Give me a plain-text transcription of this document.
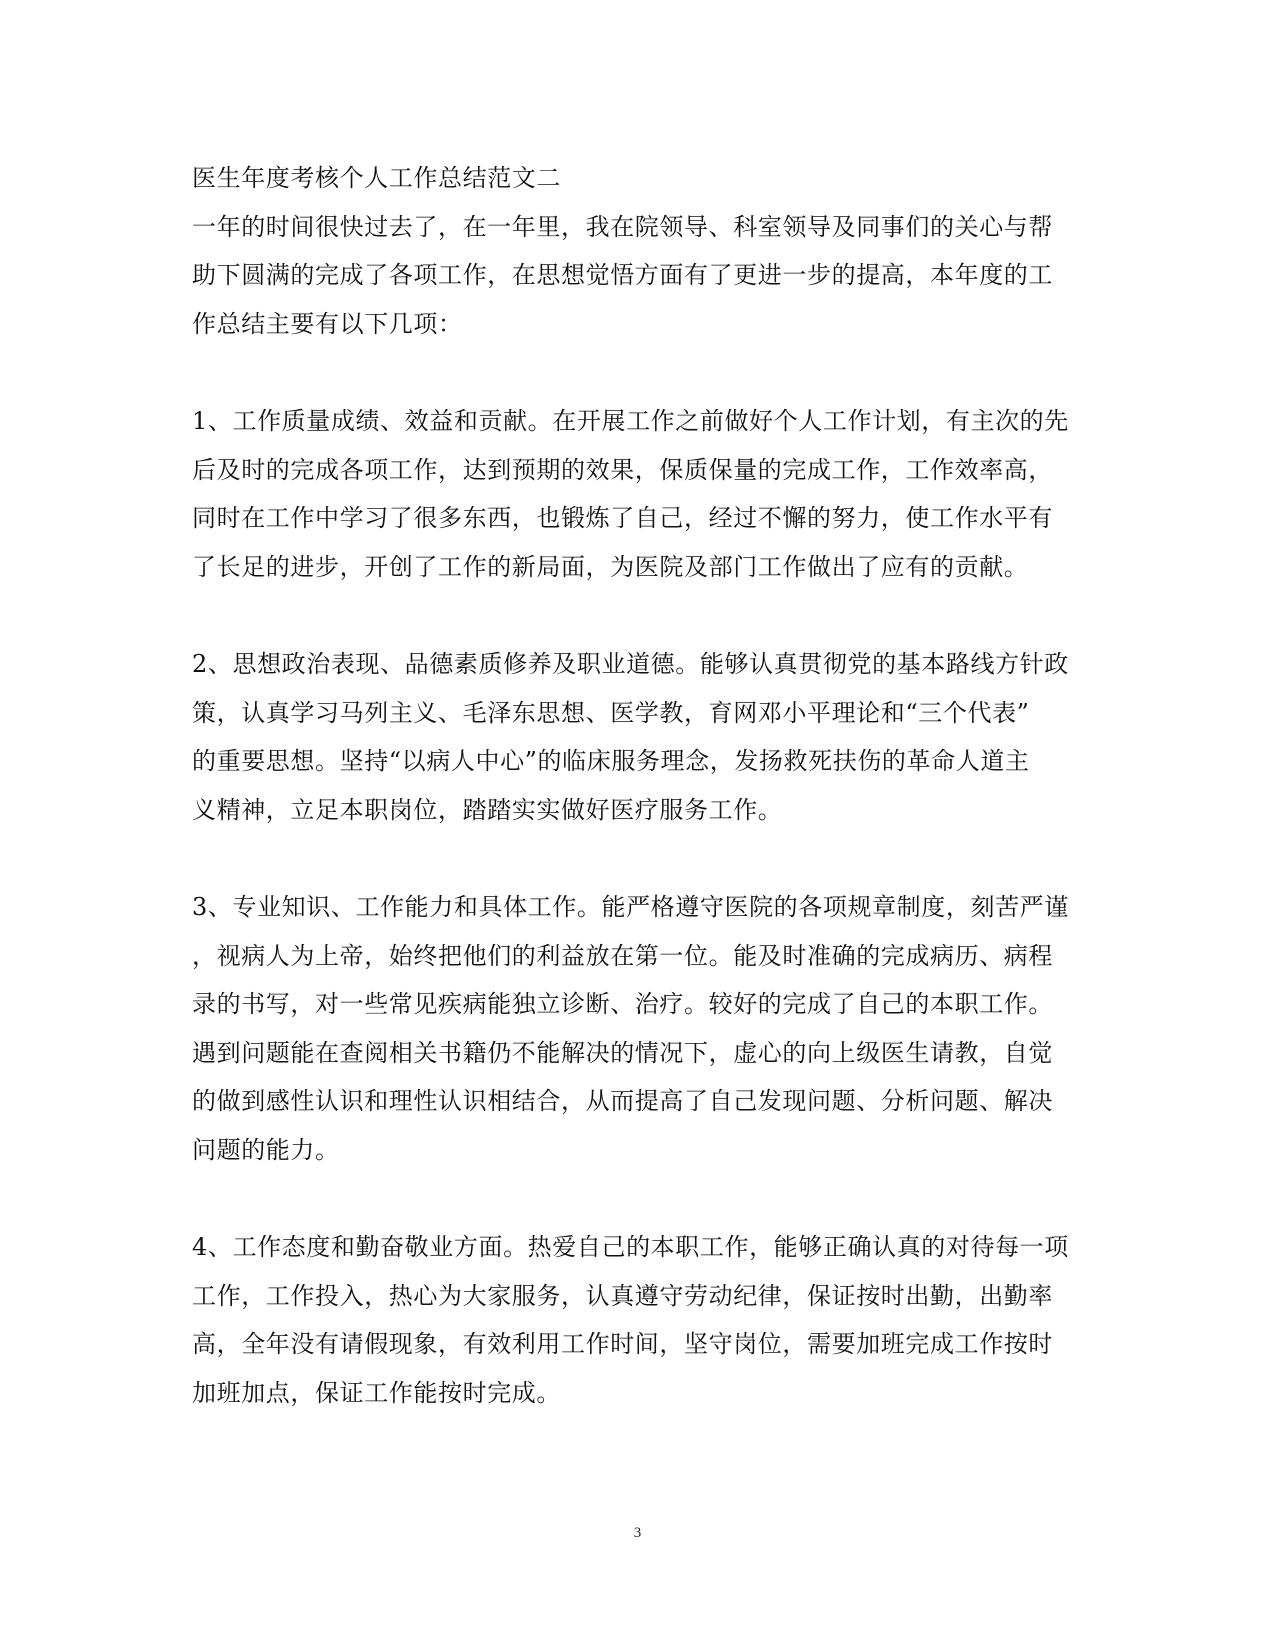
医生年度考核个人工作总结范文二
一年的时间很快过去了，在一年里，我在院领导、科室领导及同事们的关心与帮
助下圆满的完成了各项工作，在思想觉悟方面有了更进一步的提高，本年度的工
作总结主要有以下几项：
1、工作质量成绩、效益和贡献。在开展工作之前做好个人工作计划，有主次的先
后及时的完成各项工作，达到预期的效果，保质保量的完成工作，工作效率高，
同时在工作中学习了很多东西，也锻炼了自己，经过不懈的努力，使工作水平有
了长足的进步，开创了工作的新局面，为医院及部门工作做出了应有的贡献。
2、思想政治表现、品德素质修养及职业道德。能够认真贯彻党的基本路线方针政
策，认真学习马列主义、毛泽东思想、医学教，育网邓小平理论和“三个代表”
的重要思想。坚持“以病人中心”的临床服务理念，发扬救死扶伤的革命人道主
义精神，立足本职岗位，踏踏实实做好医疗服务工作。
3、专业知识、工作能力和具体工作。能严格遵守医院的各项规章制度，刻苦严谨
，视病人为上帝，始终把他们的利益放在第一位。能及时准确的完成病历、病程
录的书写，对一些常见疾病能独立诊断、治疗。较好的完成了自己的本职工作。
遇到问题能在查阅相关书籍仍不能解决的情况下，虚心的向上级医生请教，自觉
的做到感性认识和理性认识相结合，从而提高了自己发现问题、分析问题、解决
问题的能力。
4、工作态度和勤奋敬业方面。热爱自己的本职工作，能够正确认真的对待每一项
工作，工作投入，热心为大家服务，认真遵守劳动纪律，保证按时出勤，出勤率
高，全年没有请假现象，有效利用工作时间，坚守岗位，需要加班完成工作按时
加班加点，保证工作能按时完成。
3
